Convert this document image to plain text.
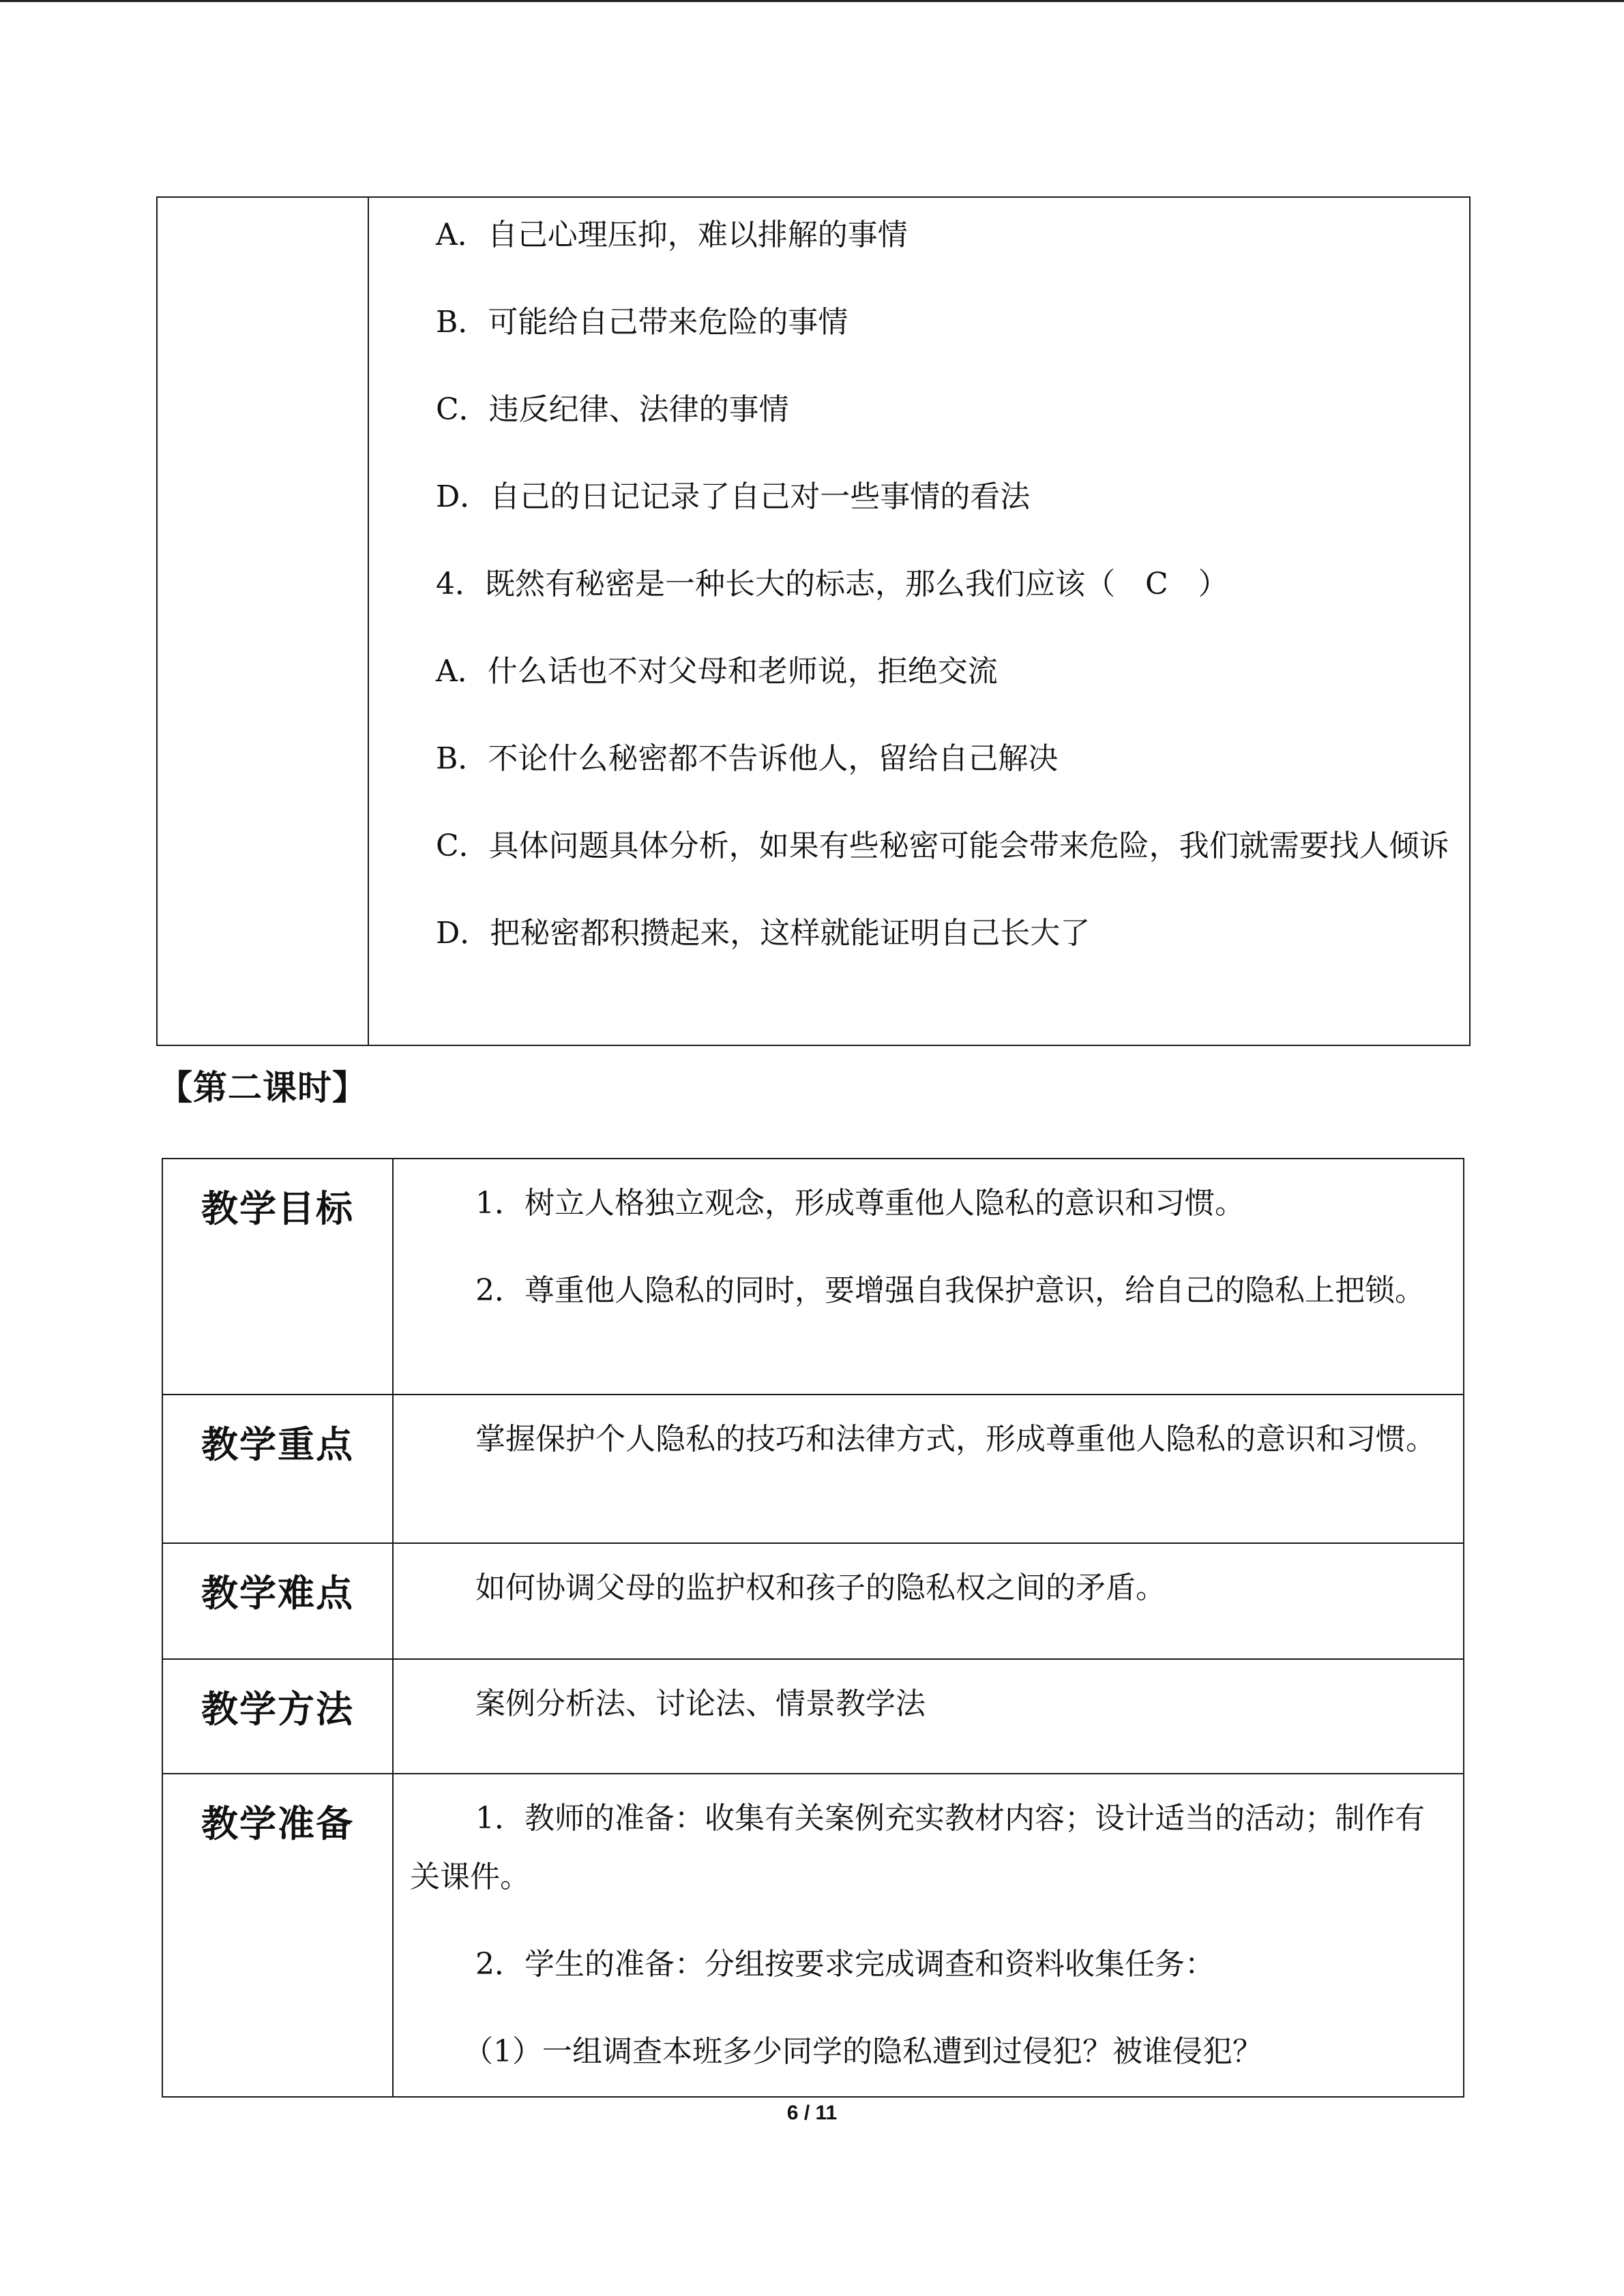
A．自己心理压抑，难以排解的事情
B．可能给自己带来危险的事情
C．违反纪律、法律的事情
D．自己的日记记录了自己对一些事情的看法
4．既然有秘密是一种长大的标志，那么我们应该（　C　）
A．什么话也不对父母和老师说，拒绝交流
B．不论什么秘密都不告诉他人，留给自己解决
C．具体问题具体分析，如果有些秘密可能会带来危险，我们就需要找人倾诉
D．把秘密都积攒起来，这样就能证明自己长大了
【第二课时】
教学目标	1．树立人格独立观念，形成尊重他人隐私的意识和习惯。

2．尊重他人隐私的同时，要增强自我保护意识，给自己的隐私上把锁。

教学重点	掌握保护个人隐私的技巧和法律方式，形成尊重他人隐私的意识和习惯。

教学难点	如何协调父母的监护权和孩子的隐私权之间的矛盾。

教学方法	案例分析法、讨论法、情景教学法

教学准备	1．教师的准备：收集有关案例充实教材内容；设计适当的活动；制作有关课件。

2．学生的准备：分组按要求完成调查和资料收集任务：

（1）一组调查本班多少同学的隐私遭到过侵犯？被谁侵犯？

6 / 11
